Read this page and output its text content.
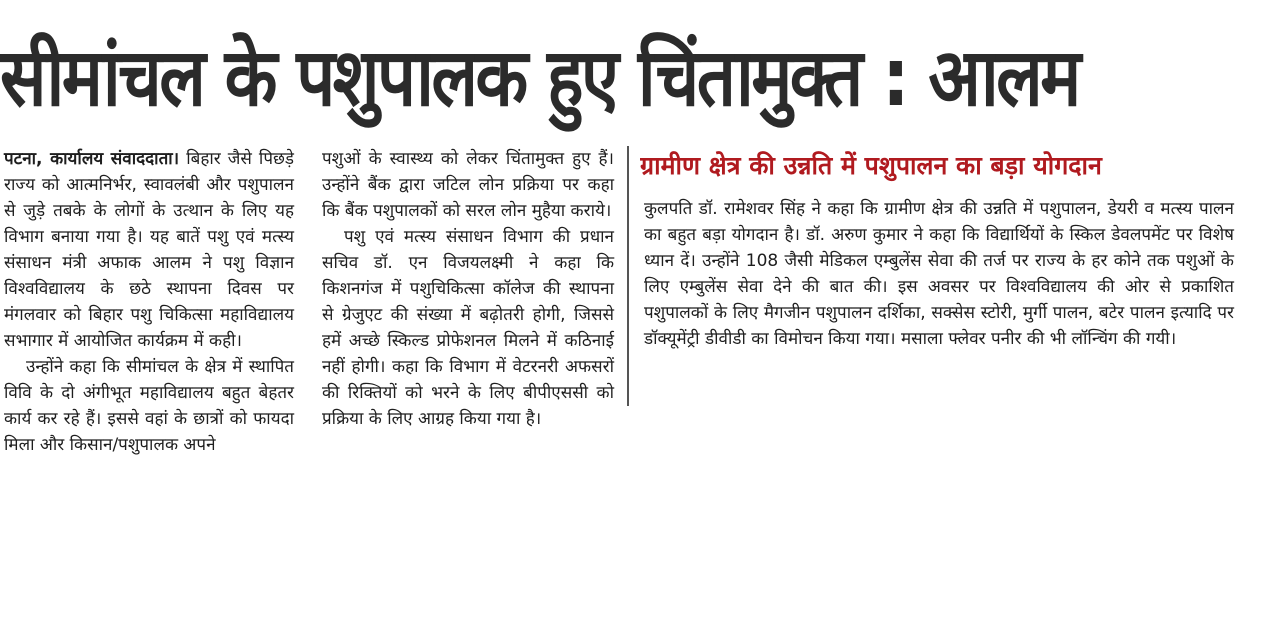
सीमांचल के पशुपालक हुए चिंतामुक्त : आलम

पटना, कार्यालय संवाददाता। बिहार जैसे पिछड़े राज्य को आत्मनिर्भर, स्वावलंबी और पशुपालन से जुड़े तबके के लोगों के उत्थान के लिए यह विभाग बनाया गया है। यह बातें पशु एवं मत्स्य संसाधन मंत्री अफाक आलम ने पशु विज्ञान विश्वविद्यालय के छठे स्थापना दिवस पर मंगलवार को बिहार पशु चिकित्सा महाविद्यालय सभागार में आयोजित कार्यक्रम में कही।

उन्होंने कहा कि सीमांचल के क्षेत्र में स्थापित विवि के दो अंगीभूत महाविद्यालय बहुत बेहतर कार्य कर रहे हैं। इससे वहां के छात्रों को फायदा मिला और किसान/पशुपालक अपने

पशुओं के स्वास्थ्य को लेकर चिंतामुक्त हुए हैं। उन्होंने बैंक द्वारा जटिल लोन प्रक्रिया पर कहा कि बैंक पशुपालकों को सरल लोन मुहैया कराये।

पशु एवं मत्स्य संसाधन विभाग की प्रधान सचिव डॉ. एन विजयलक्ष्मी ने कहा कि किशनगंज में पशुचिकित्सा कॉलेज की स्थापना से ग्रेजुएट की संख्या में बढ़ोतरी होगी, जिससे हमें अच्छे स्किल्ड प्रोफेशनल मिलने में कठिनाई नहीं होगी। कहा कि विभाग में वेटरनरी अफसरों की रिक्तियों को भरने के लिए बीपीएससी को प्रक्रिया के लिए आग्रह किया गया है।

ग्रामीण क्षेत्र की उन्नति में पशुपालन का बड़ा योगदान

कुलपति डॉ. रामेशवर सिंह ने कहा कि ग्रामीण क्षेत्र की उन्नति में पशुपालन, डेयरी व मत्स्य पालन का बहुत बड़ा योगदान है। डॉ. अरुण कुमार ने कहा कि विद्यार्थियों के स्किल डेवलपमेंट पर विशेष ध्यान दें। उन्होंने 108 जैसी मेडिकल एम्बुलेंस सेवा की तर्ज पर राज्य के हर कोने तक पशुओं के लिए एम्बुलेंस सेवा देने की बात की। इस अवसर पर विश्वविद्यालय की ओर से प्रकाशित पशुपालकों के लिए मैगजीन पशुपालन दर्शिका, सक्सेस स्टोरी, मुर्गी पालन, बटेर पालन इत्यादि पर डॉक्यूमेंट्री डीवीडी का विमोचन किया गया। मसाला फ्लेवर पनीर की भी लॉन्चिंग की गयी।
